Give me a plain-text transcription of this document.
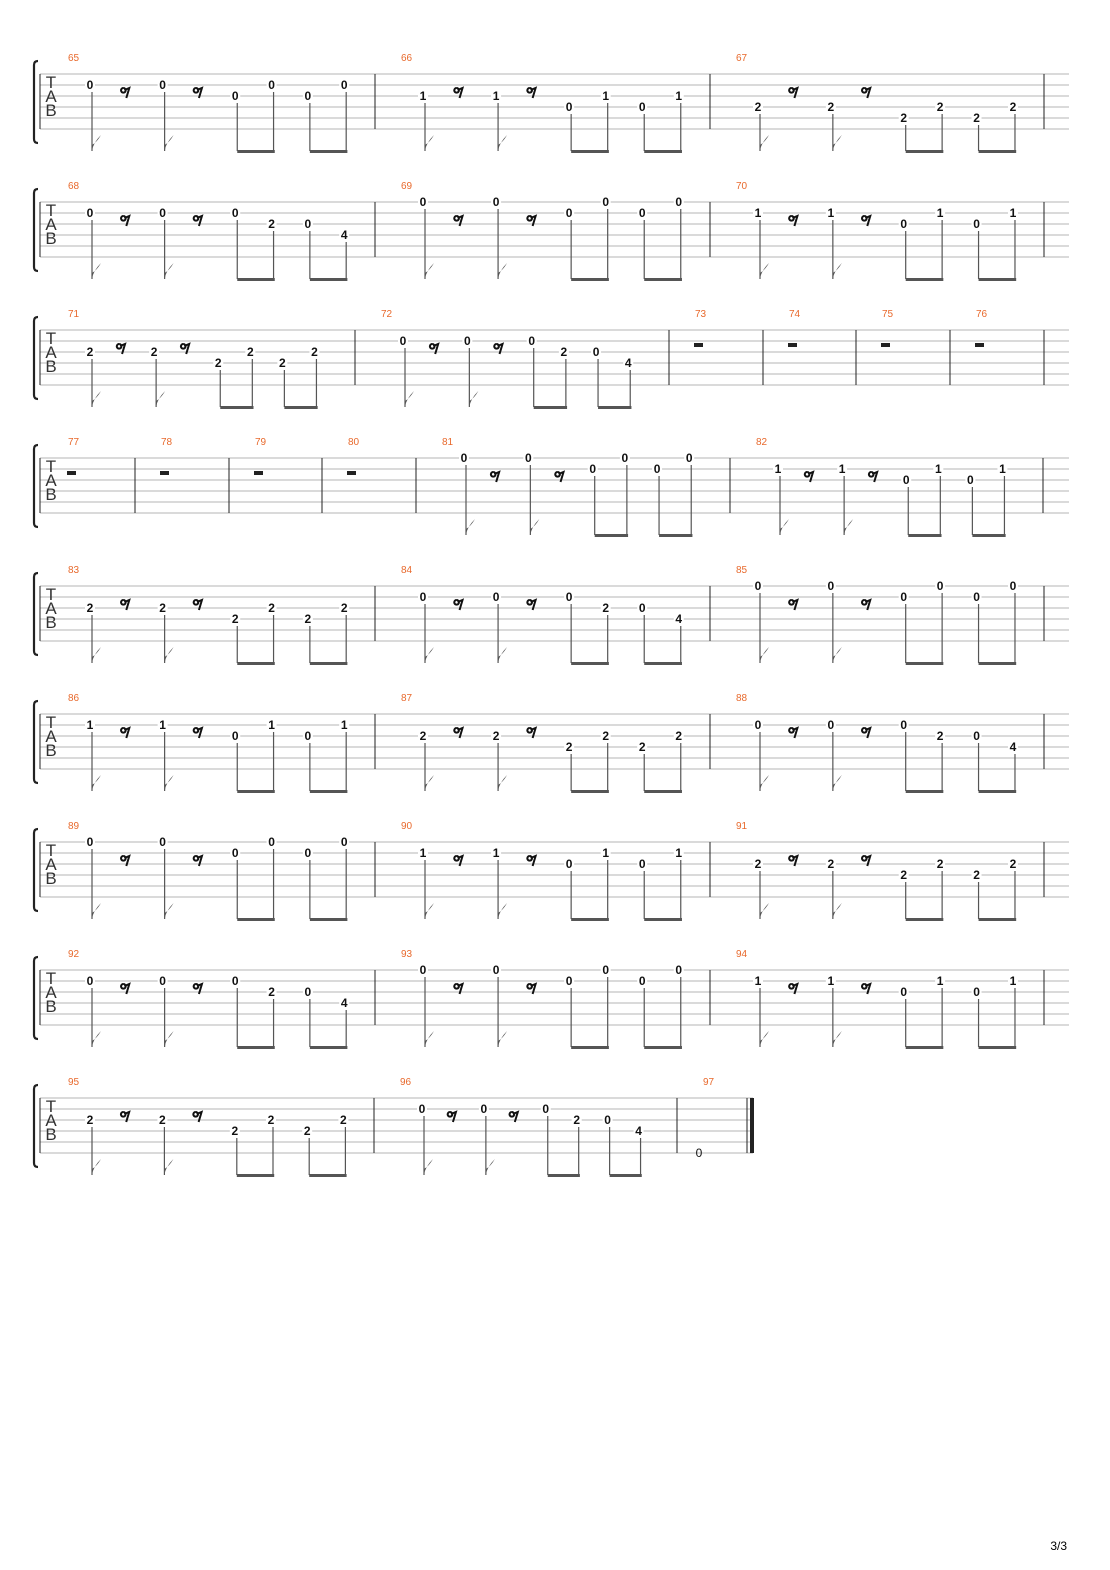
T
A
B
65
0	0
0
0
0
0
66
1	1
0
1
0
1
67
2	2
2
2
2
2
T
A
B
68
0	0	0
2 0
4
69
0	0
0
0
0
0
70
1	1
0
1
0
1
T
A
B
71
2	2
2
2
2
2
72
0	0	0
2 0
4
73	74	75	76
T
A
B
77	78	79	80	81
0	0
0
0
0
0
82
1	1
0
1
0
1
T
A
B
83
2	2
2
2
2
2
84
0	0	0
2 0
4
85
0	0
0
0
0
0
T
A
B
86
1	1
0
1
0
1
87
2	2
2
2
2
2
88
0	0	0
2 0
4
T
A
B
89
0	0
0
0
0
0
90
1	1
0
1
0
1
91
2	2
2
2
2
2
T
A
B
92
0	0	0
2 0
4
93
0	0
0
0
0
0
94
1	1
0
1
0
1
T
A
B
95
2	2
2
2
2
2
96
0	0	0
2 0
4
97
0
3/3
